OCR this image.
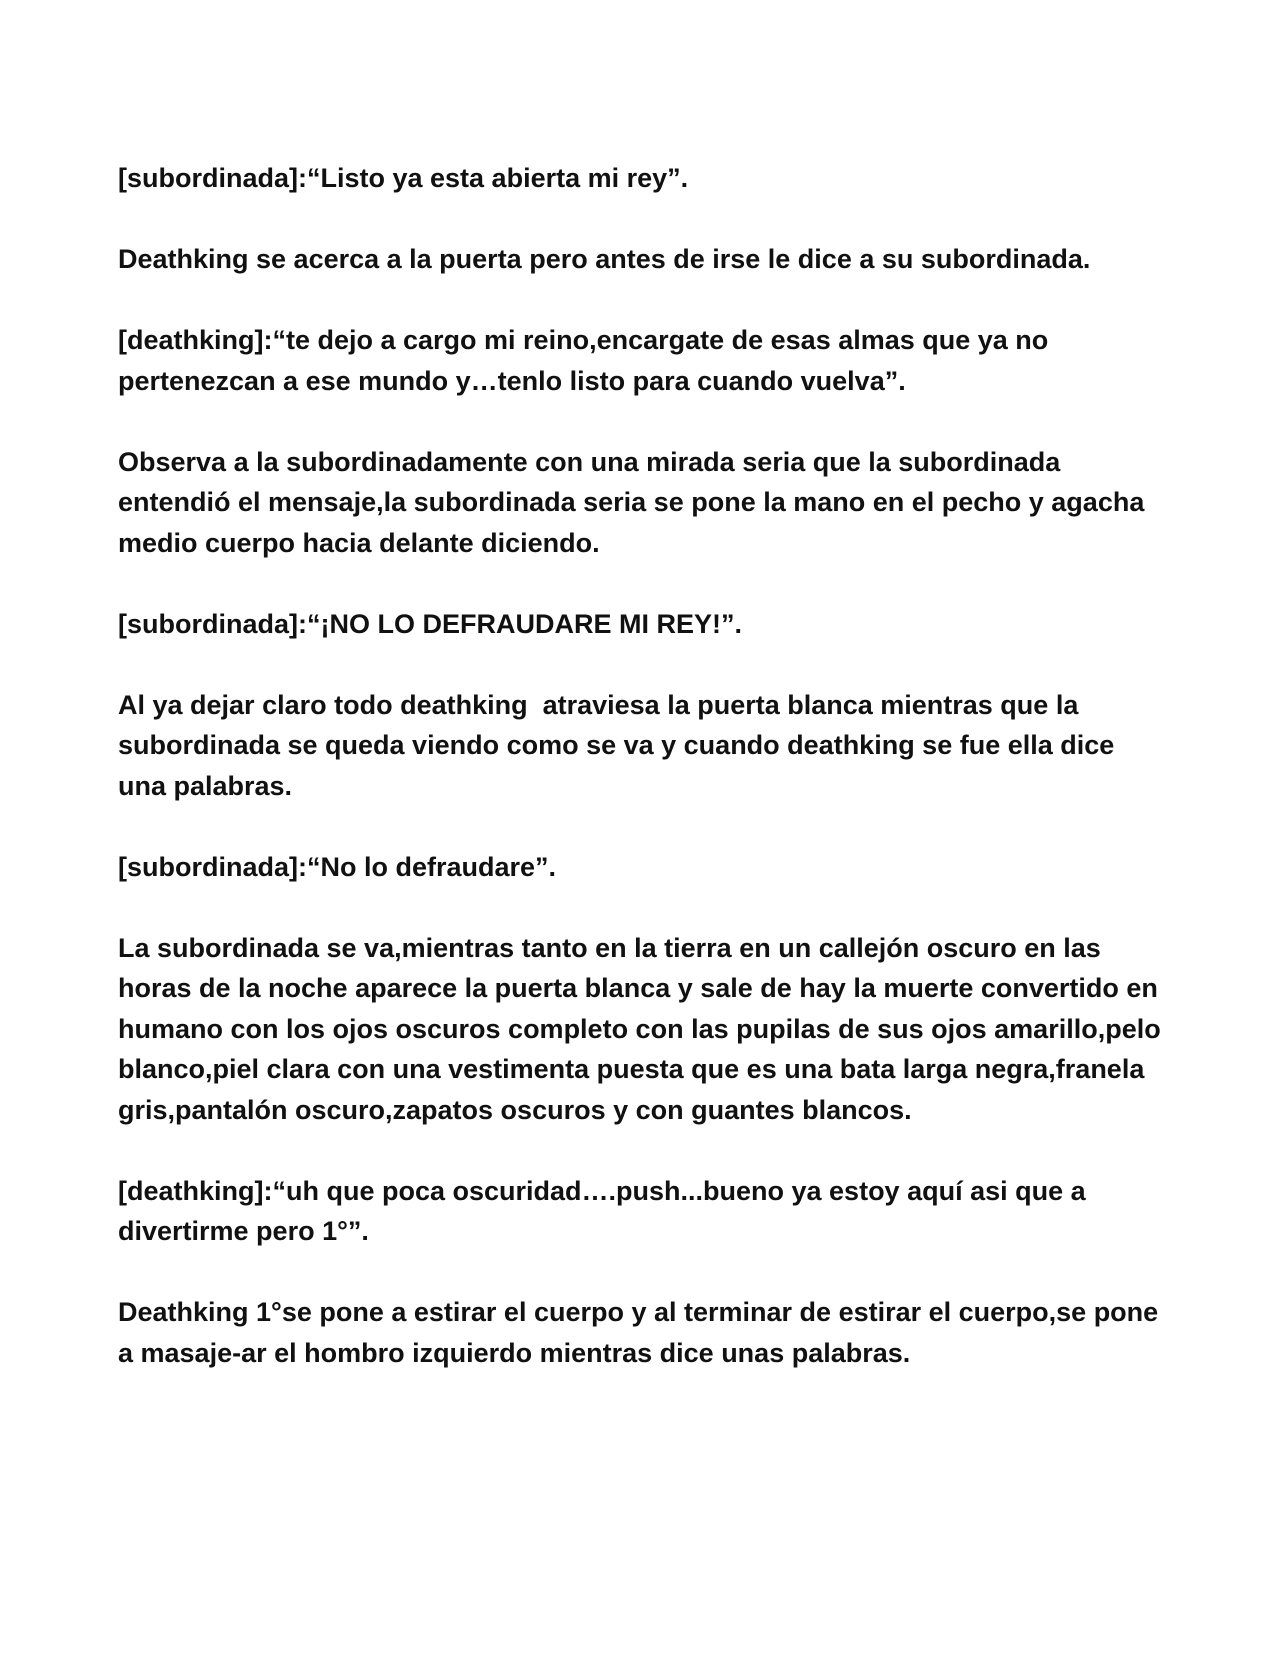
[subordinada]:“Listo ya esta abierta mi rey”.

Deathking se acerca a la puerta pero antes de irse le dice a su subordinada.

[deathking]:“te dejo a cargo mi reino,encargate de esas almas que ya no pertenezcan a ese mundo y…tenlo listo para cuando vuelva”.

Observa a la subordinadamente con una mirada seria que la subordinada entendió el mensaje,la subordinada seria se pone la mano en el pecho y agacha medio cuerpo hacia delante diciendo.

[subordinada]:“¡NO LO DEFRAUDARE MI REY!”.

Al ya dejar claro todo deathking  atraviesa la puerta blanca mientras que la subordinada se queda viendo como se va y cuando deathking se fue ella dice una palabras.

[subordinada]:“No lo defraudare”.

La subordinada se va,mientras tanto en la tierra en un callejón oscuro en las horas de la noche aparece la puerta blanca y sale de hay la muerte convertido en humano con los ojos oscuros completo con las pupilas de sus ojos amarillo,pelo blanco,piel clara con una vestimenta puesta que es una bata larga negra,franela gris,pantalón oscuro,zapatos oscuros y con guantes blancos.

[deathking]:“uh que poca oscuridad….push...bueno ya estoy aquí asi que a divertirme pero 1°”.

Deathking 1°se pone a estirar el cuerpo y al terminar de estirar el cuerpo,se pone a masaje-ar el hombro izquierdo mientras dice unas palabras.
